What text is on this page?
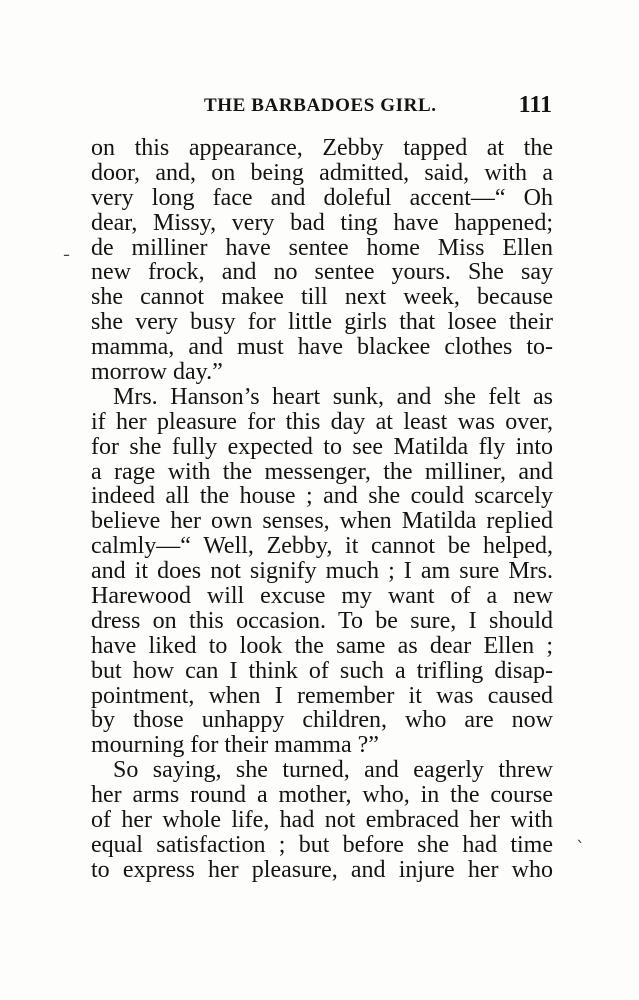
THE BARBADOES GIRL.	111
on this appearance, Zebby tapped at the
door, and, on being admitted, said, with a
very long face and doleful accent—“ Oh
dear, Missy, very bad ting have happened;
de milliner have sentee home Miss Ellen
new frock, and no sentee yours. She say
she cannot makee till next week, because
she very busy for little girls that losee their
mamma, and must have blackee clothes to-
morrow day.”
Mrs. Hanson’s heart sunk, and she felt as
if her pleasure for this day at least was over,
for she fully expected to see Matilda fly into
a rage with the messenger, the milliner, and
indeed all the house ; and she could scarcely
believe her own senses, when Matilda replied
calmly—“ Well, Zebby, it cannot be helped,
and it does not signify much ; I am sure Mrs.
Harewood will excuse my want of a new
dress on this occasion. To be sure, I should
have liked to look the same as dear Ellen ;
but how can I think of such a trifling disap-
pointment, when I remember it was caused
by those unhappy children, who are now
mourning for their mamma ?”
So saying, she turned, and eagerly threw
her arms round a mother, who, in the course
of her whole life, had not embraced her with
equal satisfaction ; but before she had time
to express her pleasure, and injure her who
ˉ
ˋ
